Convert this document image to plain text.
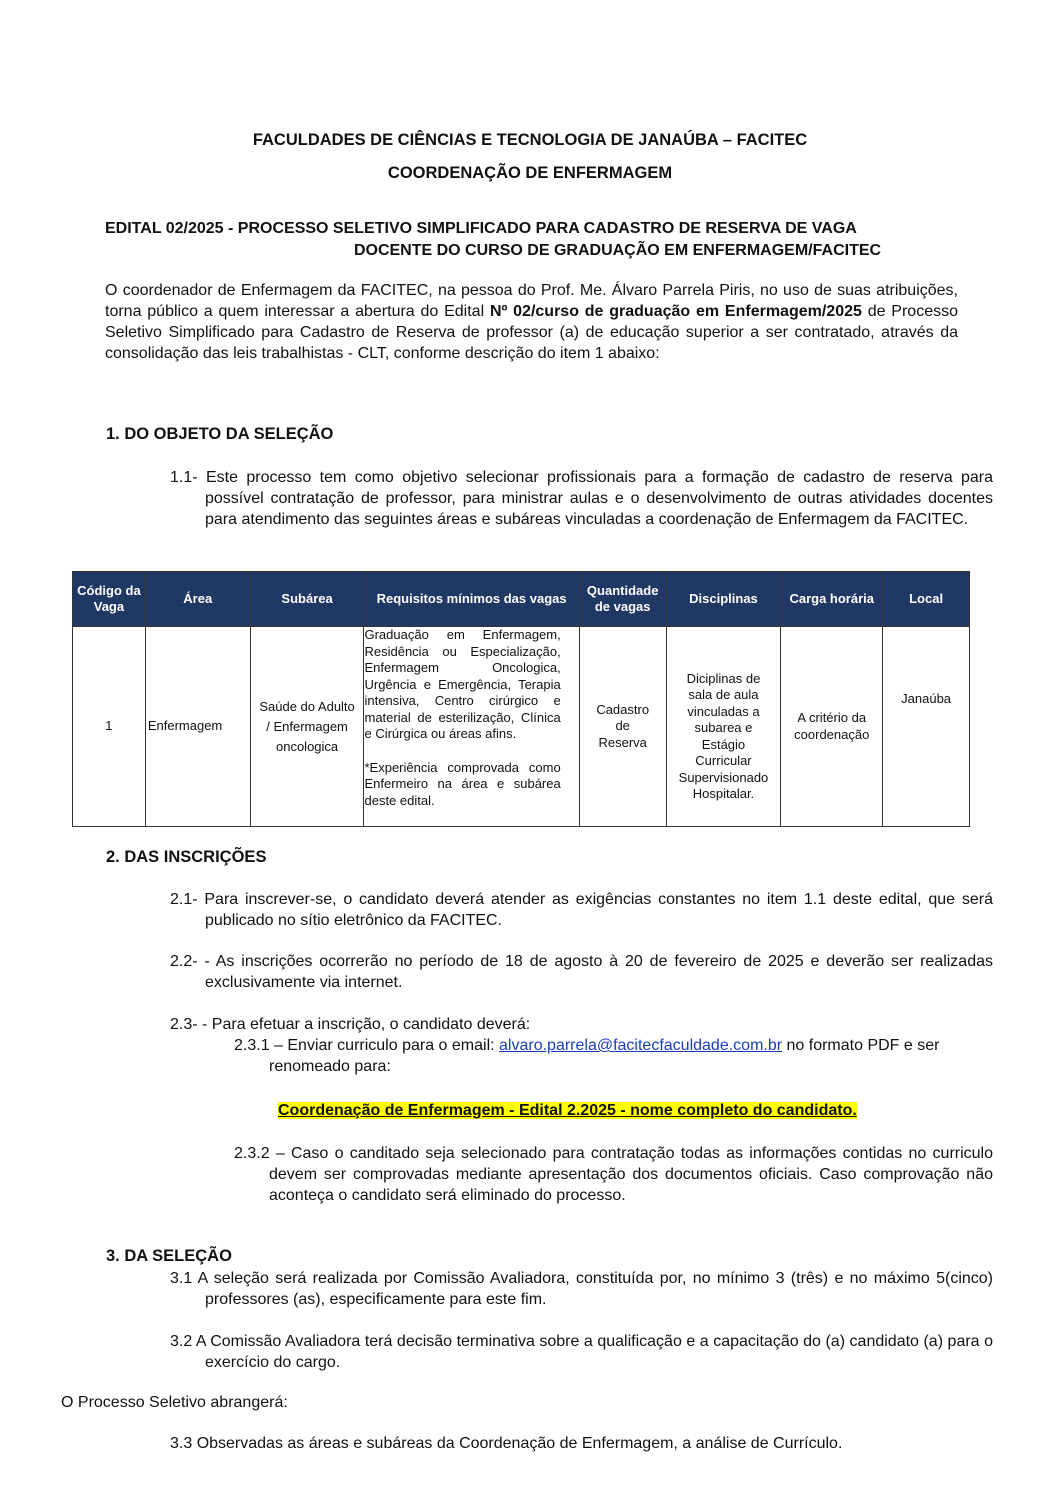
FACULDADES DE CIÊNCIAS E TECNOLOGIA DE JANAÚBA – FACITEC
COORDENAÇÃO DE ENFERMAGEM
EDITAL 02/2025 - PROCESSO SELETIVO SIMPLIFICADO PARA CADASTRO DE RESERVA DE VAGA
DOCENTE DO CURSO DE GRADUAÇÃO EM ENFERMAGEM/FACITEC
O coordenador de Enfermagem da FACITEC, na pessoa do Prof. Me. Álvaro Parrela Piris, no uso de suas atribuições, torna público a quem interessar a abertura do Edital Nº 02/curso de graduação em Enfermagem/2025 de Processo Seletivo Simplificado para Cadastro de Reserva de professor (a) de educação superior a ser contratado, através da consolidação das leis trabalhistas - CLT, conforme descrição do item 1 abaixo:
1. DO OBJETO DA SELEÇÃO
1.1- Este processo tem como objetivo selecionar profissionais para a formação de cadastro de reserva para possível contratação de professor, para ministrar aulas e o desenvolvimento de outras atividades docentes para atendimento das seguintes áreas e subáreas vinculadas a coordenação de Enfermagem da FACITEC.
Código da Vaga	Área	Subárea	Requisitos mínimos das vagas	Quantidade de vagas	Disciplinas	Carga horária	Local
1	Enfermagem	Saúde do Adulto / Enfermagem oncologica	Graduação em Enfermagem, Residência ou Especialização, Enfermagem Oncologica, Urgência e Emergência, Terapia intensiva, Centro cirúrgico e material de esterilização, Clínica e Cirúrgica ou áreas afins.
*Experiência comprovada como Enfermeiro na área e subárea deste edital.	Cadastro de Reserva	Diciplinas de sala de aula vinculadas a subarea e Estágio Curricular Supervisionado Hospitalar.	A critério da coordenação	Janaúba
2. DAS INSCRIÇÕES
2.1- Para inscrever-se, o candidato deverá atender as exigências constantes no item 1.1 deste edital, que será publicado no sítio eletrônico da FACITEC.
2.2- - As inscrições ocorrerão no período de 18 de agosto à 20 de fevereiro de 2025 e deverão ser realizadas exclusivamente via internet.
2.3- - Para efetuar a inscrição, o candidato deverá:
2.3.1 – Enviar curriculo para o email: alvaro.parrela@facitecfaculdade.com.br no formato PDF e ser renomeado para:
Coordenação de Enfermagem - Edital 2.2025 - nome completo do candidato.
2.3.2 – Caso o canditado seja selecionado para contratação todas as informações contidas no curriculo devem ser comprovadas mediante apresentação dos documentos oficiais. Caso comprovação não aconteça o candidato será eliminado do processo.
3. DA SELEÇÃO
3.1 A seleção será realizada por Comissão Avaliadora, constituída por, no mínimo 3 (três) e no máximo 5(cinco) professores (as), especificamente para este fim.
3.2 A Comissão Avaliadora terá decisão terminativa sobre a qualificação e a capacitação do (a) candidato (a) para o exercício do cargo.
O Processo Seletivo abrangerá:
3.3 Observadas as áreas e subáreas da Coordenação de Enfermagem, a análise de Currículo.
